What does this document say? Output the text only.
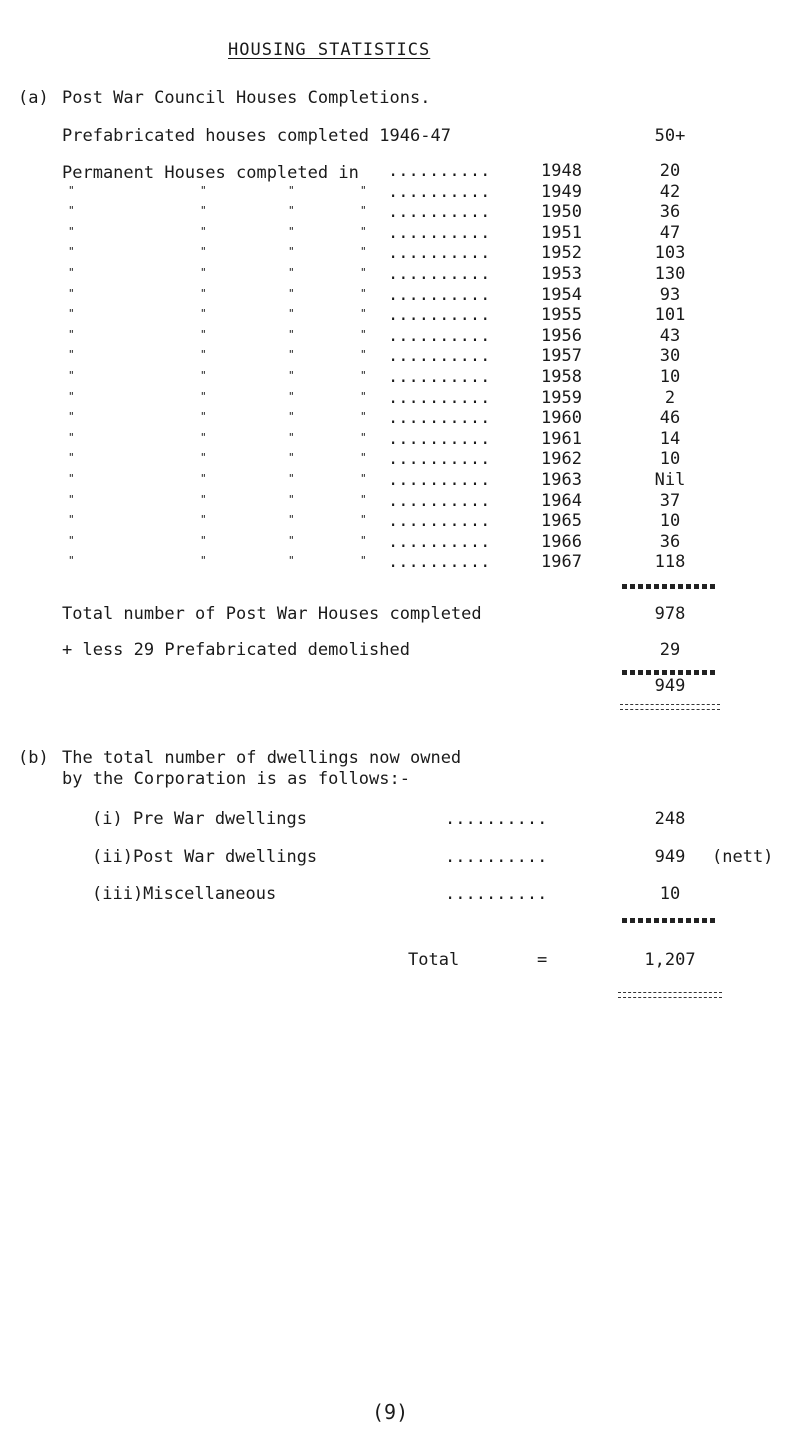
HOUSING STATISTICS
(a) Post War Council Houses Completions.
Prefabricated houses completed 1946-47	50+
Permanent Houses completed in ..........	1948	20
"	"	"	" ..........	1949	42
"	"	"	" ..........	1950	36
"	"	"	" ..........	1951	47
"	"	"	" ..........	1952	103
"	"	"	" ..........	1953	130
"	"	"	" ..........	1954	93
"	"	"	" ..........	1955	101
"	"	"	" ..........	1956	43
"	"	"	" ..........	1957	30
"	"	"	" ..........	1958	10
"	"	"	" ..........	1959	2
"	"	"	" ..........	1960	46
"	"	"	" ..........	1961	14
"	"	"	" ..........	1962	10
"	"	"	" ..........	1963	Nil
"	"	"	" ..........	1964	37
"	"	"	" ..........	1965	10
"	"	"	" ..........	1966	36
"	"	"	" ..........	1967	118
Total number of Post War Houses completed	978
+ less 29 Prefabricated demolished	29
949
(b) The total number of dwellings now owned
by the Corporation is as follows:-
(i) Pre War dwellings	..........	248
(ii)Post War dwellings	..........	949	(nett)
(iii)Miscellaneous	..........	10
Total	=	1,207
(9)
